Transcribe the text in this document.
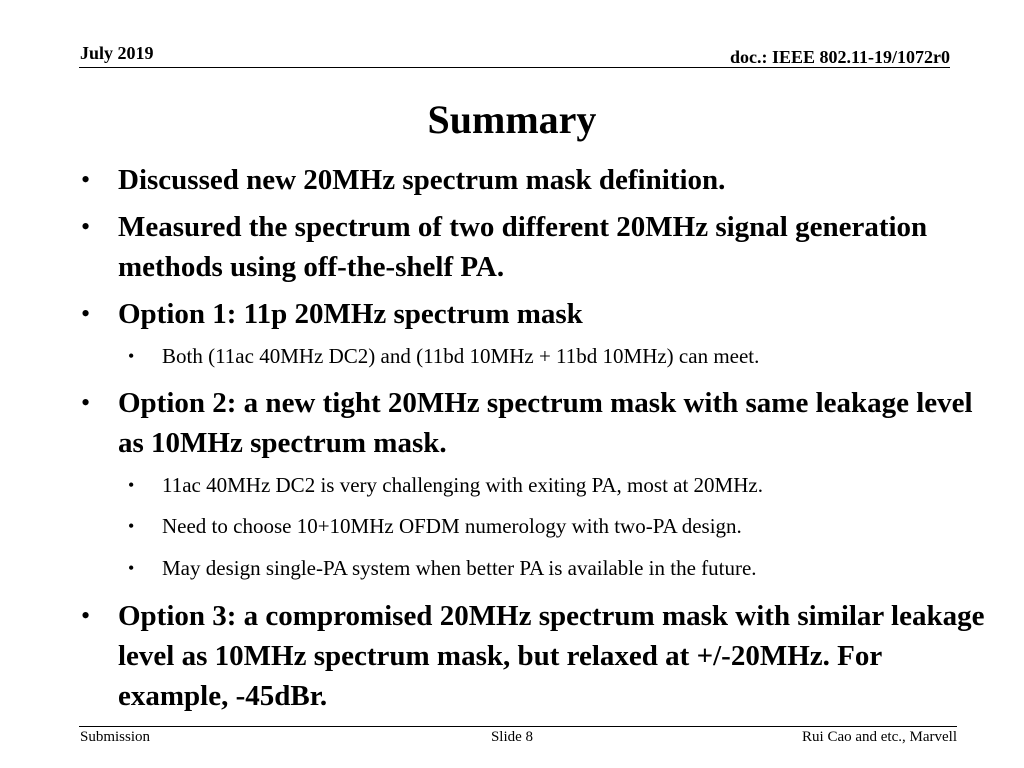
July 2019	doc.: IEEE 802.11-19/1072r0
Summary
• Discussed new 20MHz spectrum mask definition.
• Measured the spectrum of two different 20MHz signal generation methods using off-the-shelf PA.
• Option 1: 11p 20MHz spectrum mask
• Both (11ac 40MHz DC2) and (11bd 10MHz + 11bd 10MHz) can meet.
• Option 2: a new tight 20MHz spectrum mask with same leakage level as 10MHz spectrum mask.
• 11ac 40MHz DC2 is very challenging with exiting PA, most at 20MHz.
• Need to choose 10+10MHz OFDM numerology with two-PA design.
• May design single-PA system when better PA is available in the future.
• Option 3: a compromised 20MHz spectrum mask with similar leakage level as 10MHz spectrum mask, but relaxed at +/-20MHz. For example, -45dBr.
Submission	Slide 8	Rui Cao and etc., Marvell
